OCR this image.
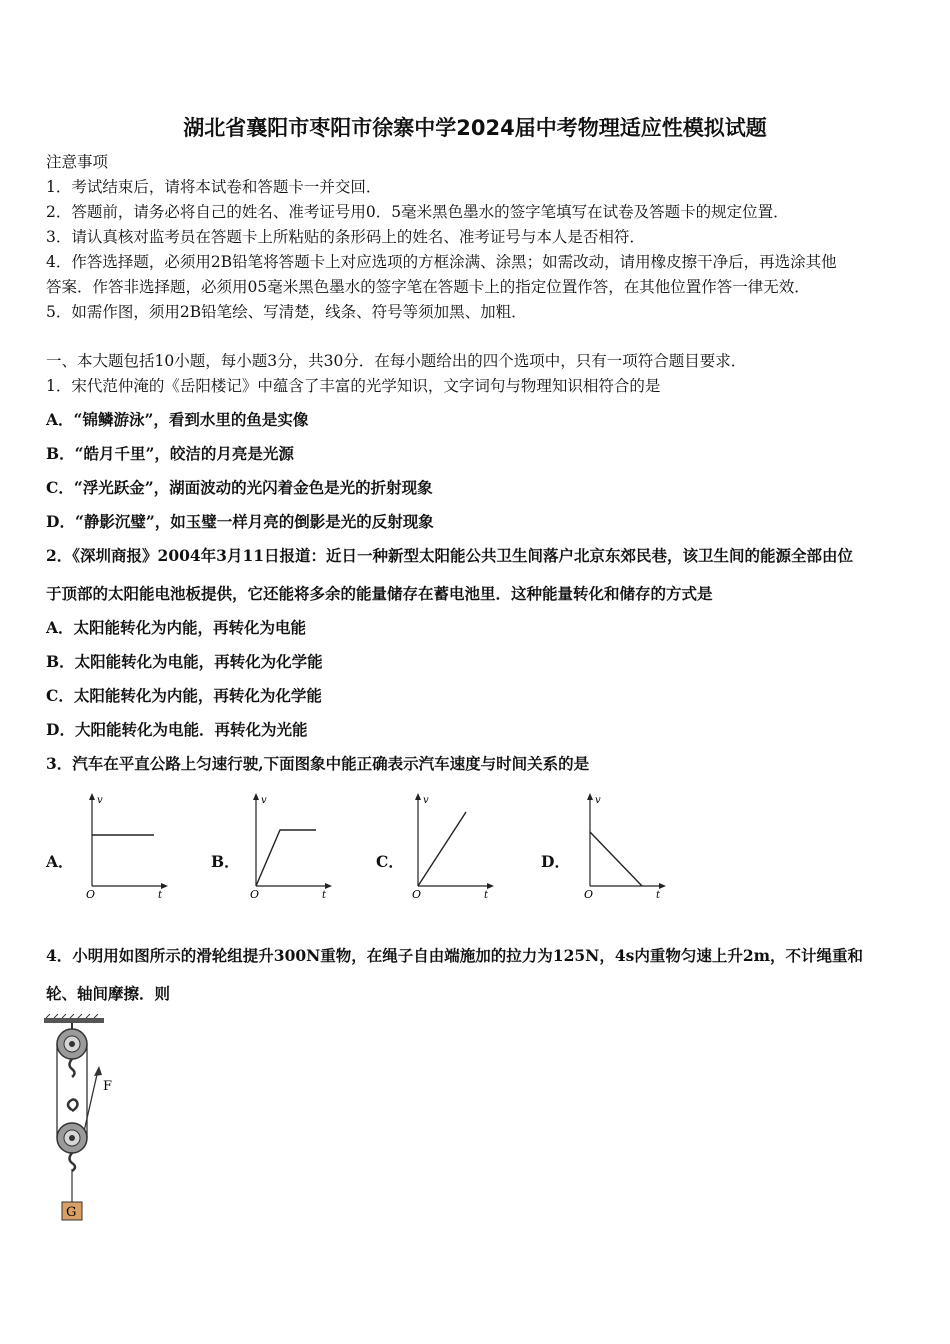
湖北省襄阳市枣阳市徐寨中学2024届中考物理适应性模拟试题
注意事项
1．考试结束后，请将本试卷和答题卡一并交回．
2．答题前，请务必将自己的姓名、准考证号用0．5毫米黑色墨水的签字笔填写在试卷及答题卡的规定位置．
3．请认真核对监考员在答题卡上所粘贴的条形码上的姓名、准考证号与本人是否相符．
4．作答选择题，必须用2B铅笔将答题卡上对应选项的方框涂满、涂黑；如需改动，请用橡皮擦干净后，再选涂其他
答案．作答非选择题，必须用05毫米黑色墨水的签字笔在答题卡上的指定位置作答，在其他位置作答一律无效．
5．如需作图，须用2B铅笔绘、写清楚，线条、符号等须加黑、加粗．
一、本大题包括10小题，每小题3分，共30分．在每小题给出的四个选项中，只有一项符合题目要求．
1．宋代范仲淹的《岳阳楼记》中蕴含了丰富的光学知识，文字词句与物理知识相符合的是
A．“锦鳞游泳”，看到水里的鱼是实像
B．“皓月千里”，皎洁的月亮是光源
C．“浮光跃金”，湖面波动的光闪着金色是光的折射现象
D．“静影沉璧”，如玉璧一样月亮的倒影是光的反射现象
2．《深圳商报》2004年3月11日报道：近日一种新型太阳能公共卫生间落户北京东郊民巷，该卫生间的能源全部由位
于顶部的太阳能电池板提供，它还能将多余的能量储存在蓄电池里．这种能量转化和储存的方式是
A．太阳能转化为内能，再转化为电能
B．太阳能转化为电能，再转化为化学能
C．太阳能转化为内能，再转化为化学能
D．大阳能转化为电能．再转化为光能
3．汽车在平直公路上匀速行驶,下面图象中能正确表示汽车速度与时间关系的是
A．	B．	C．	D．
v
O	t
v
O	t
v
O	t
v
O	t
4．小明用如图所示的滑轮组提升300N重物，在绳子自由端施加的拉力为125N，4s内重物匀速上升2m，不计绳重和
轮、轴间摩擦．则
F
G
